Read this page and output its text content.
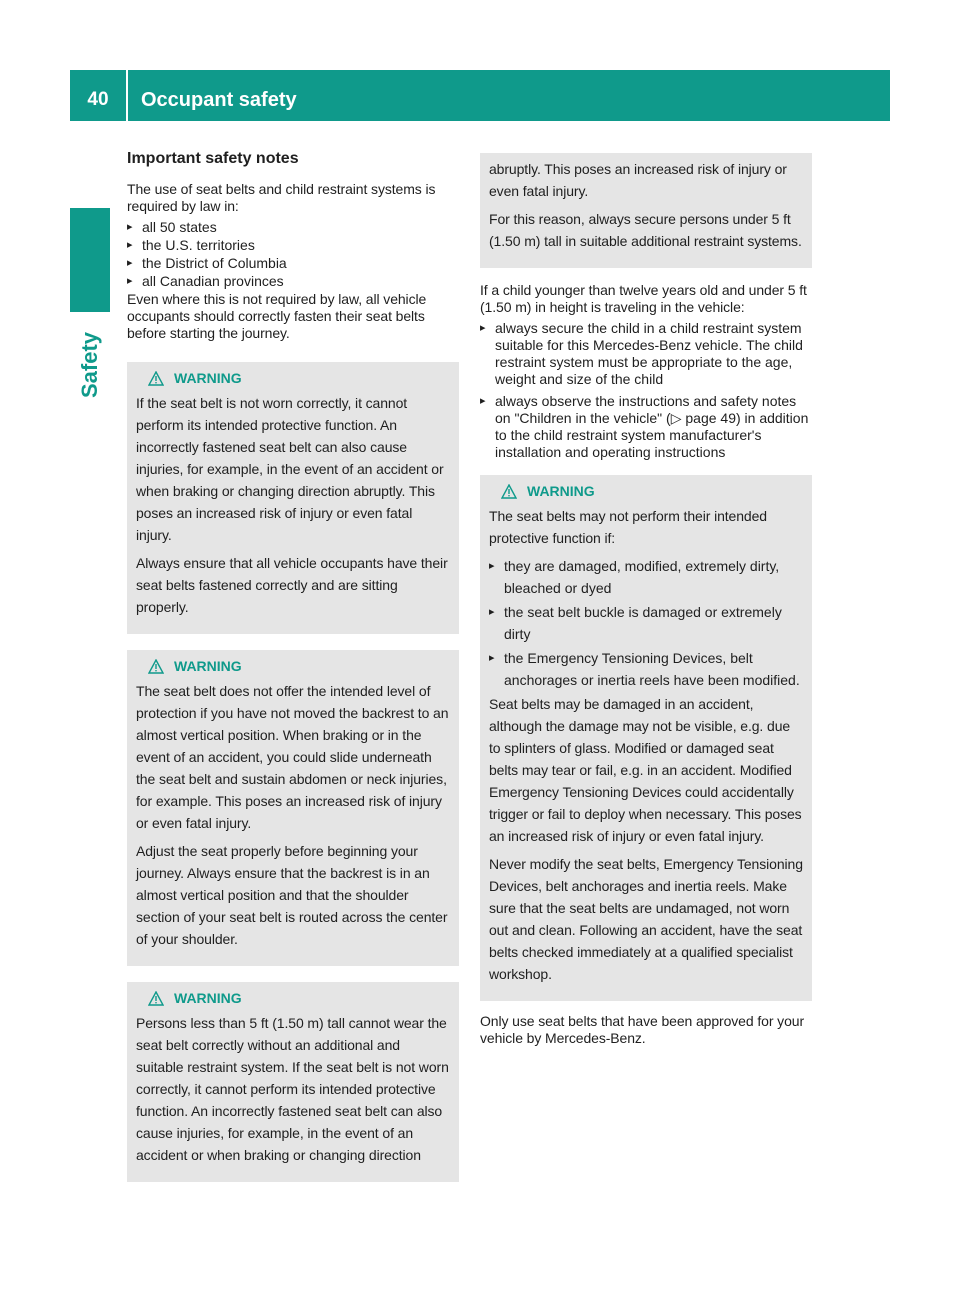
40	Occupant safety
Safety
Important safety notes

The use of seat belts and child restraint systems is required by law in:

▸ all 50 states
▸ the U.S. territories
▸ the District of Columbia
▸ all Canadian provinces

Even where this is not required by law, all vehicle occupants should correctly fasten their seat belts before starting the journey.

WARNING

If the seat belt is not worn correctly, it cannot perform its intended protective function. An incorrectly fastened seat belt can also cause injuries, for example, in the event of an accident or when braking or changing direction abruptly. This poses an increased risk of injury or even fatal injury.

Always ensure that all vehicle occupants have their seat belts fastened correctly and are sitting properly.

WARNING

The seat belt does not offer the intended level of protection if you have not moved the backrest to an almost vertical position. When braking or in the event of an accident, you could slide underneath the seat belt and sustain abdomen or neck injuries, for example. This poses an increased risk of injury or even fatal injury.

Adjust the seat properly before beginning your journey. Always ensure that the backrest is in an almost vertical position and that the shoulder section of your seat belt is routed across the center of your shoulder.

WARNING

Persons less than 5 ft (1.50 m) tall cannot wear the seat belt correctly without an additional and suitable restraint system. If the seat belt is not worn correctly, it cannot perform its intended protective function. An incorrectly fastened seat belt can also cause injuries, for example, in the event of an accident or when braking or changing direction

abruptly. This poses an increased risk of injury or even fatal injury.

For this reason, always secure persons under 5 ft (1.50 m) tall in suitable additional restraint systems.

If a child younger than twelve years old and under 5 ft (1.50 m) in height is traveling in the vehicle:

▸ always secure the child in a child restraint system suitable for this Mercedes-Benz vehicle. The child restraint system must be appropriate to the age, weight and size of the child
▸ always observe the instructions and safety notes on "Children in the vehicle" (▷ page 49) in addition to the child restraint system manufacturer's installation and operating instructions
WARNING

The seat belts may not perform their intended protective function if:

▸ they are damaged, modified, extremely dirty, bleached or dyed
▸ the seat belt buckle is damaged or extremely dirty
▸ the Emergency Tensioning Devices, belt anchorages or inertia reels have been modified.

Seat belts may be damaged in an accident, although the damage may not be visible, e.g. due to splinters of glass. Modified or damaged seat belts may tear or fail, e.g. in an accident. Modified Emergency Tensioning Devices could accidentally trigger or fail to deploy when necessary. This poses an increased risk of injury or even fatal injury.

Never modify the seat belts, Emergency Tensioning Devices, belt anchorages and inertia reels. Make sure that the seat belts are undamaged, not worn out and clean. Following an accident, have the seat belts checked immediately at a qualified specialist workshop.

Only use seat belts that have been approved for your vehicle by Mercedes-Benz.
